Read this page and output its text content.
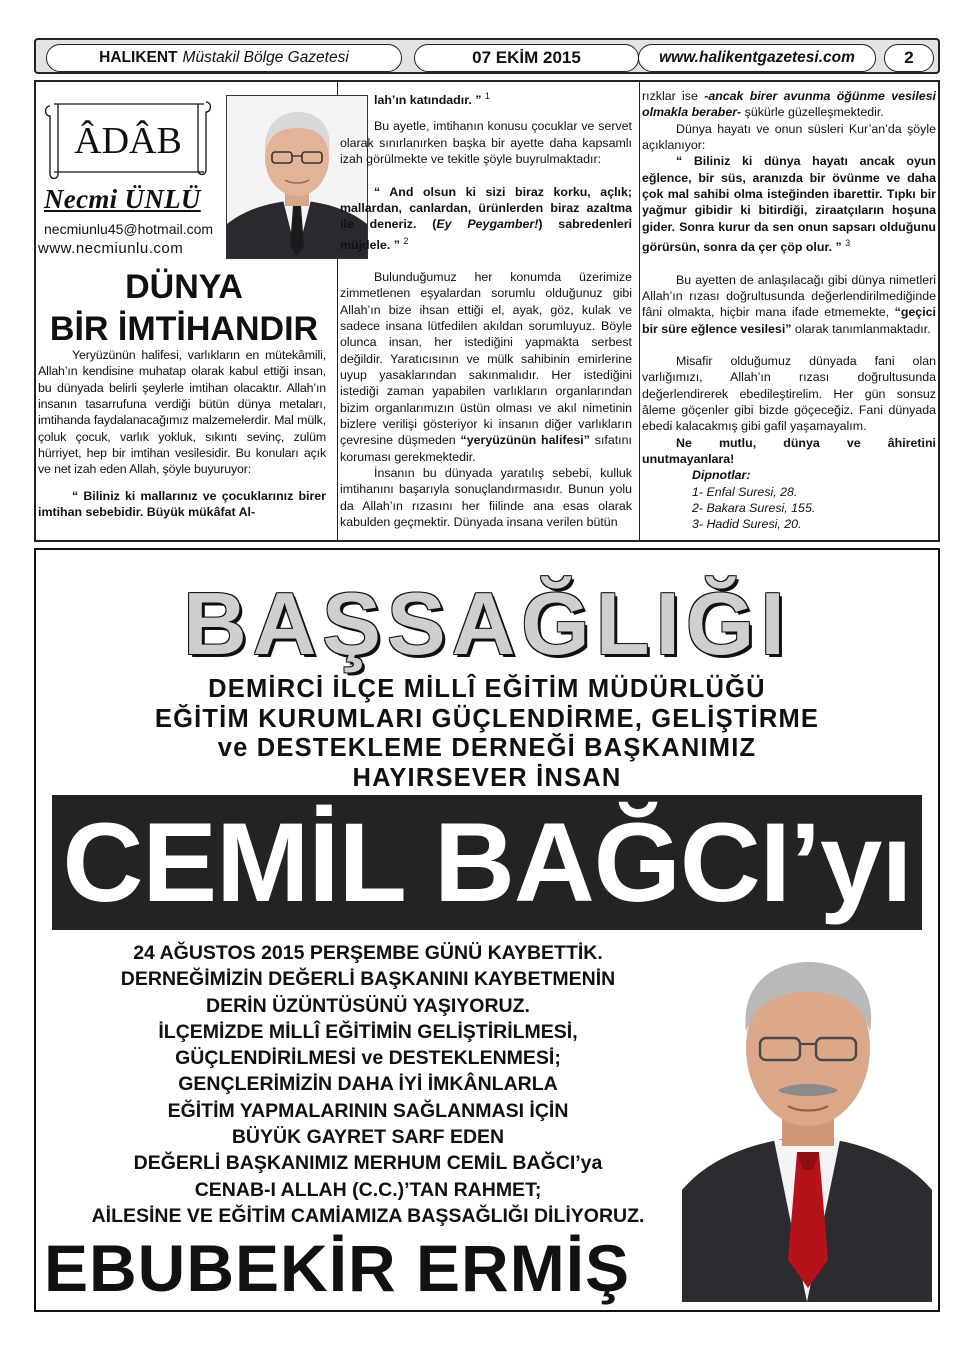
HALIKENT Müstakil Bölge Gazetesi	07 EKİM 2015	www.halikentgazetesi.com	2
ÂDÂB
Necmi ÜNLÜ
necmiunlu45@hotmail.com
www.necmiunlu.com
DÜNYA
BİR İMTİHANDIR

Yeryüzünün halifesi, varlıkların en mütekâmili, Allah’ın kendisine muhatap olarak kabul ettiği insan, bu dünyada belirli şeylerle imtihan olacaktır. Allah’ın insanın tasarrufuna verdiği bütün dünya metaları, imtihanda faydalanacağımız malzemelerdir. Mal mülk, çoluk çocuk, varlık yokluk, sıkıntı sevinç, zulüm hürriyet, hep bir imtihan vesilesidir. Bu konuları açık ve net izah eden Allah, şöyle buyuruyor:

“ Biliniz ki mallarınız ve çocuklarınız birer imtihan sebebidir. Büyük mükâfat Al-

lah’ın katındadır. ” $^1$

Bu ayetle, imtihanın konusu çocuklar ve servet olarak sınırlanırken başka bir ayette daha kapsamlı izah görülmekte ve tekitle şöyle buyrulmaktadır:

“ And olsun ki sizi biraz korku, açlık; mallardan, canlardan, ürünlerden biraz azaltma ile deneriz. (Ey Peygamber!) sabredenleri müjdele. ” $^2$

Bulunduğumuz her konumda üzerimize zimmetlenen eşyalardan sorumlu olduğunuz gibi Allah’ın bize ihsan ettiği el, ayak, göz, kulak ve sadece insana lütfedilen akıldan sorumluyuz. Böyle olunca insan, her istediğini yapmakta serbest değildir. Yaratıcısının ve mülk sahibinin emirlerine uyup yasaklarından sakınmalıdır. Her istediğini istediği zaman yapabilen varlıkların organlarından bizim organlarımızın üstün olması ve akıl nimetinin bizlere verilişi gösteriyor ki insanın diğer varlıkların çevresine düşmeden “yeryüzünün halifesi” sıfatını koruması gerekmektedir.

İnsanın bu dünyada yaratılış sebebi, kulluk imtihanını başarıyla sonuçlandırmasıdır. Bunun yolu da Allah’ın rızasını her fiilinde ana esas olarak kabulden geçmektir. Dünyada insana verilen bütün

rızklar ise -ancak birer avunma öğünme vesilesi olmakla beraber- şükürle güzelleşmektedir.

Dünya hayatı ve onun süsleri Kur’an’da şöyle açıklanıyor:

“ Biliniz ki dünya hayatı ancak oyun eğlence, bir süs, aranızda bir övünme ve daha çok mal sahibi olma isteğinden ibarettir. Tıpkı bir yağmur gibidir ki bitirdiği, ziraatçıların hoşuna gider. Sonra kurur da sen onun sapsarı olduğunu görürsün, sonra da çer çöp olur. ” $^3$

Bu ayetten de anlaşılacağı gibi dünya nimetleri Allah’ın rızası doğrultusunda değerlendirilmediğinde fâni olmakta, hiçbir mana ifade etmemekte, “geçici bir süre eğlence vesilesi” olarak tanımlanmaktadır.

Misafir olduğumuz dünyada fani olan varlığımızı, Allah’ın rızası doğrultusunda değerlendirerek ebedileştirelim. Her gün sonsuz âleme göçenler gibi bizde göçeceğiz. Fani dünyada ebedi kalacakmış gibi gafil yaşamayalım.

Ne mutlu, dünya ve âhiretini unutmayanlara!

Dipnotlar:
1- Enfal Suresi, 28.
2- Bakara Suresi, 155.
3- Hadid Suresi, 20.
BAŞSAĞLIĞI
DEMİRCİ İLÇE MİLLÎ EĞİTİM MÜDÜRLÜĞÜ
EĞİTİM KURUMLARI GÜÇLENDİRME, GELİŞTİRME
ve DESTEKLEME DERNEĞİ BAŞKANIMIZ
HAYIRSEVER İNSAN
CEMİL BAĞCI’yı
24 AĞUSTOS 2015 PERŞEMBE GÜNÜ KAYBETTİK.
DERNEĞİMİZİN DEĞERLİ BAŞKANINI KAYBETMENİN
DERİN ÜZÜNTÜSÜNÜ YAŞIYORUZ.
İLÇEMİZDE MİLLÎ EĞİTİMİN GELİŞTİRİLMESİ,
GÜÇLENDİRİLMESİ ve DESTEKLENMESİ;
GENÇLERİMİZİN DAHA İYİ İMKÂNLARLA
EĞİTİM YAPMALARININ SAĞLANMASI İÇİN
BÜYÜK GAYRET SARF EDEN
DEĞERLİ BAŞKANIMIZ MERHUM CEMİL BAĞCI’ya
CENAB-I ALLAH (C.C.)’TAN RAHMET;
AİLESİNE VE EĞİTİM CAMİAMIZA BAŞSAĞLIĞI DİLİYORUZ.
EBUBEKİR ERMİŞ
